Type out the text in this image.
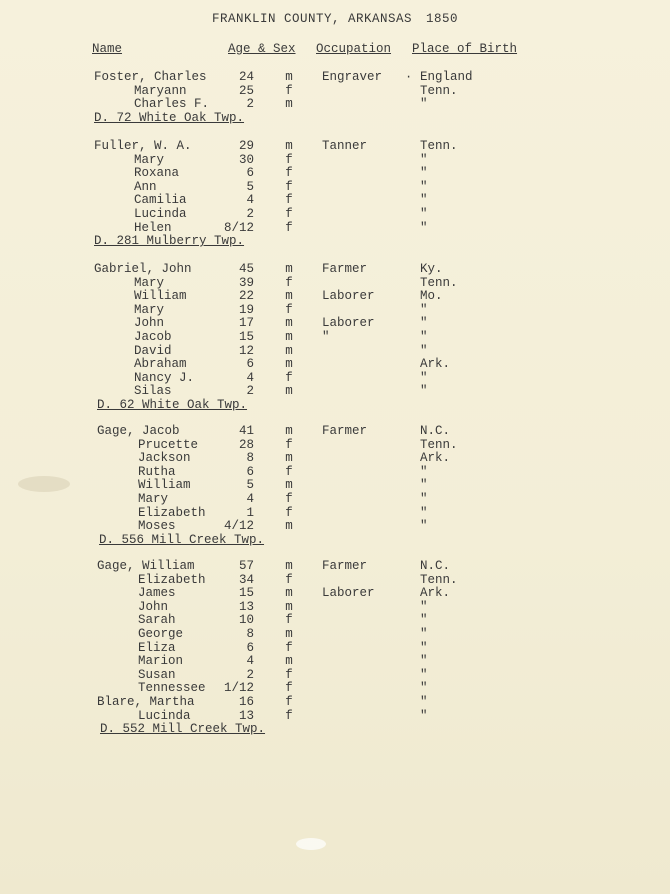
FRANKLIN COUNTY, ARKANSAS 1850
Name	Age & Sex Occupation Place of Birth
Foster, Charles	24 m Engraver	England
Maryann	25 f	Tenn.
Charles F.	2 m	"
D. 72 White Oak Twp.
Fuller, W. A.	29 m Tanner	Tenn.
Mary	30 f	"
Roxana	6 f	"
Ann	5 f	"
Camilia	4 f	"
Lucinda	2 f	"
Helen	8/12 f	"
D. 281 Mulberry Twp.
Gabriel, John	45 m Farmer	Ky.
Mary	39 f	Tenn.
William	22 m Laborer	Mo.
Mary	19 f	"
John	17 m Laborer	"
Jacob	15 m "	"
David	12 m	"
Abraham	6 m	Ark.
Nancy J.	4 f	"
Silas	2 m	"
D. 62 White Oak Twp.
Gage, Jacob	41 m Farmer	N.C.
Prucette	28 f	Tenn.
Jackson	8 m	Ark.
Rutha	6 f	"
William	5 m	"
Mary	4 f	"
Elizabeth	1 f	"
Moses	4/12 m	"
D. 556 Mill Creek Twp.
Gage, William	57 m Farmer	N.C.
Elizabeth	34 f	Tenn.
James	15 m Laborer	Ark.
John	13 m	"
Sarah	10 f	"
George	8 m	"
Eliza	6 f	"
Marion	4 m	"
Susan	2 f	"
Tennessee	1/12 f	"
Blare, Martha	16 f	"
Lucinda	13 f	"
D. 552 Mill Creek Twp.
·
